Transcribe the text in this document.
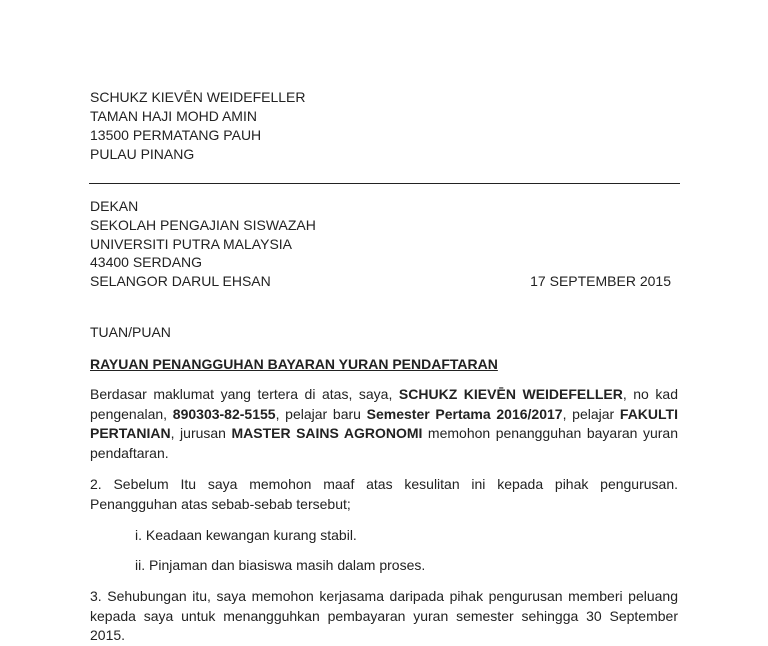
SCHUKZ KIEVĒN WEIDEFELLER
TAMAN HAJI MOHD AMIN
13500 PERMATANG PAUH
PULAU PINANG
DEKAN
SEKOLAH PENGAJIAN SISWAZAH
UNIVERSITI PUTRA MALAYSIA
43400 SERDANG
SELANGOR DARUL EHSAN	17 SEPTEMBER 2015
TUAN/PUAN
RAYUAN PENANGGUHAN BAYARAN YURAN PENDAFTARAN
Berdasar maklumat yang tertera di atas, saya, SCHUKZ KIEVĒN WEIDEFELLER, no kad pengenalan, 890303-82-5155, pelajar baru Semester Pertama 2016/2017, pelajar FAKULTI PERTANIAN, jurusan MASTER SAINS AGRONOMI memohon penangguhan bayaran yuran pendaftaran.
2. Sebelum Itu saya memohon maaf atas kesulitan ini kepada pihak pengurusan. Penangguhan atas sebab-sebab tersebut;
i. Keadaan kewangan kurang stabil.
ii. Pinjaman dan biasiswa masih dalam proses.
3. Sehubungan itu, saya memohon kerjasama daripada pihak pengurusan memberi peluang kepada saya untuk menangguhkan pembayaran yuran semester sehingga 30 September 2015.
